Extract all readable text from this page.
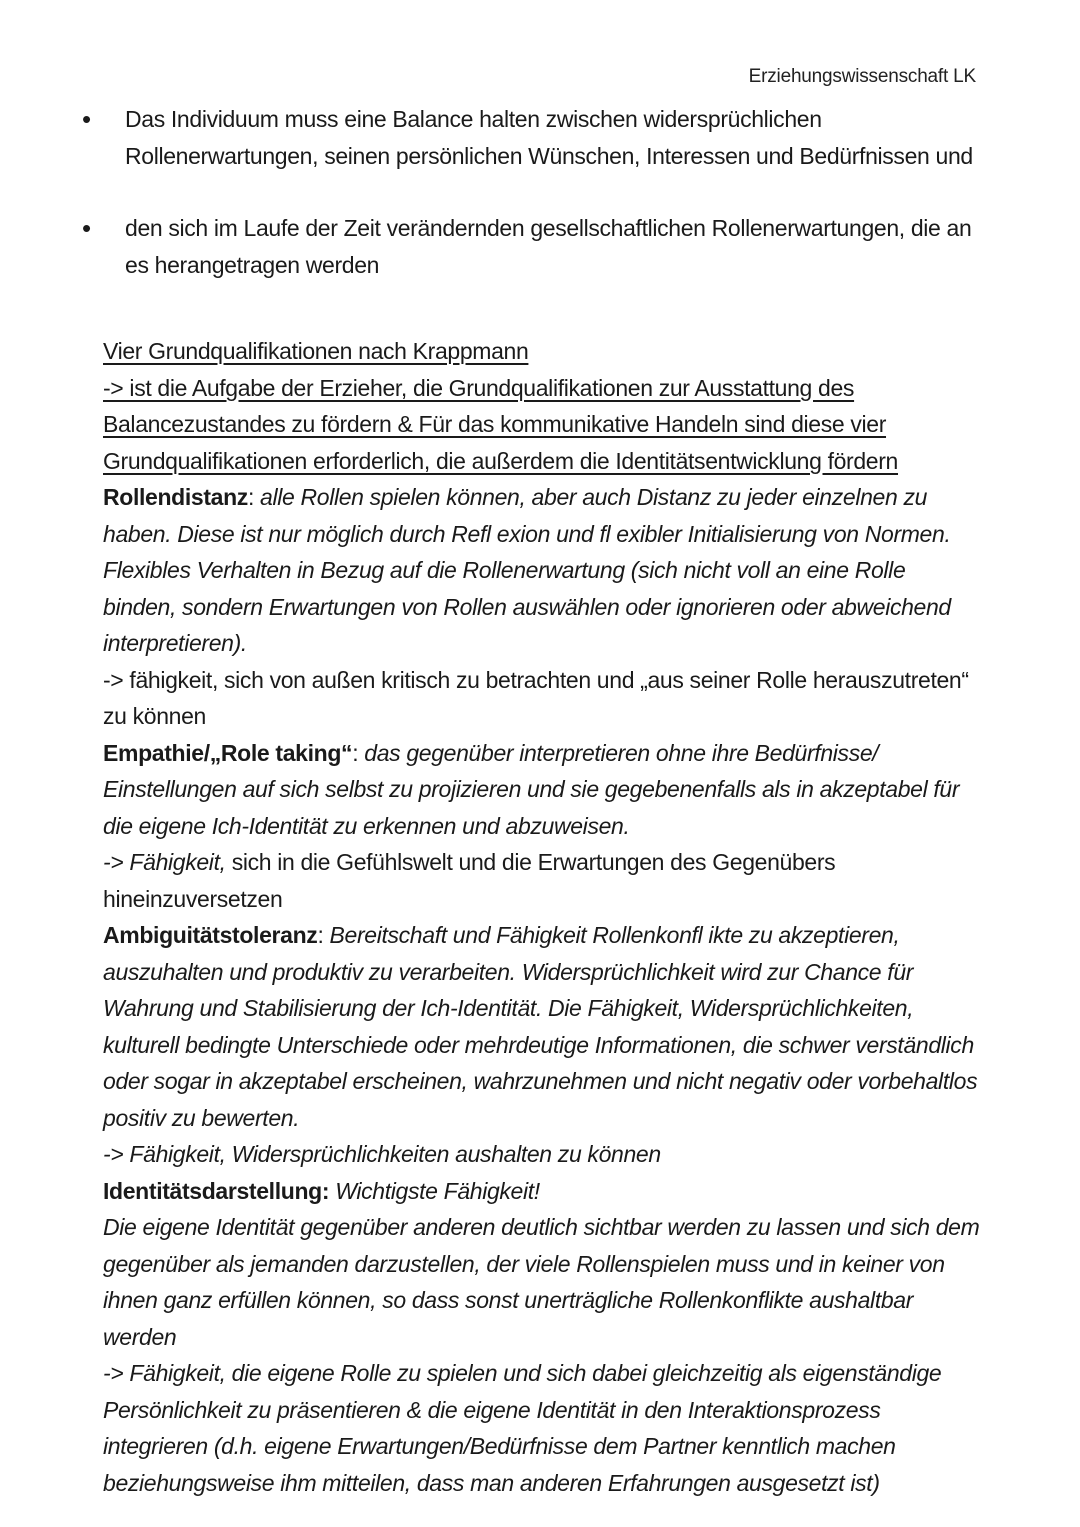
Erziehungswissenschaft LK
• Das Individuum muss eine Balance halten zwischen widersprüchlichen Rollenerwartungen, seinen persönlichen Wünschen, Interessen und Bedürfnissen und
• den sich im Laufe der Zeit verändernden gesellschaftlichen Rollenerwartungen, die an es herangetragen werden
Vier Grundqualifikationen nach Krappmann
-> ist die Aufgabe der Erzieher, die Grundqualifikationen zur Ausstattung des Balancezustandes zu fördern & Für das kommunikative Handeln sind diese vier Grundqualifikationen erforderlich, die außerdem die Identitätsentwicklung fördern
Rollendistanz: alle Rollen spielen können, aber auch Distanz zu jeder einzelnen zu haben. Diese ist nur möglich durch Refl exion und fl exibler Initialisierung von Normen. Flexibles Verhalten in Bezug auf die Rollenerwartung (sich nicht voll an eine Rolle binden, sondern Erwartungen von Rollen auswählen oder ignorieren oder abweichend interpretieren).
-> fähigkeit, sich von außen kritisch zu betrachten und „aus seiner Rolle herauszutreten“ zu können
Empathie/„Role taking“: das gegenüber interpretieren ohne ihre Bedürfnisse/ Einstellungen auf sich selbst zu projizieren und sie gegebenenfalls als in akzeptabel für die eigene Ich-Identität zu erkennen und abzuweisen.
-> Fähigkeit, sich in die Gefühlswelt und die Erwartungen des Gegenübers hineinzuversetzen
Ambiguitätstoleranz: Bereitschaft und Fähigkeit Rollenkonfl ikte zu akzeptieren, auszuhalten und produktiv zu verarbeiten. Widersprüchlichkeit wird zur Chance für Wahrung und Stabilisierung der Ich-Identität. Die Fähigkeit, Widersprüchlichkeiten, kulturell bedingte Unterschiede oder mehrdeutige Informationen, die schwer verständlich oder sogar in akzeptabel erscheinen, wahrzunehmen und nicht negativ oder vorbehaltlos positiv zu bewerten.
-> Fähigkeit, Widersprüchlichkeiten aushalten zu können
Identitätsdarstellung: Wichtigste Fähigkeit!
Die eigene Identität gegenüber anderen deutlich sichtbar werden zu lassen und sich dem gegenüber als jemanden darzustellen, der viele Rollenspielen muss und in keiner von ihnen ganz erfüllen können, so dass sonst unerträgliche Rollenkonflikte aushaltbar werden
-> Fähigkeit, die eigene Rolle zu spielen und sich dabei gleichzeitig als eigenständige Persönlichkeit zu präsentieren & die eigene Identität in den Interaktionsprozess integrieren (d.h. eigene Erwartungen/Bedürfnisse dem Partner kenntlich machen beziehungsweise ihm mitteilen, dass man anderen Erfahrungen ausgesetzt ist)
